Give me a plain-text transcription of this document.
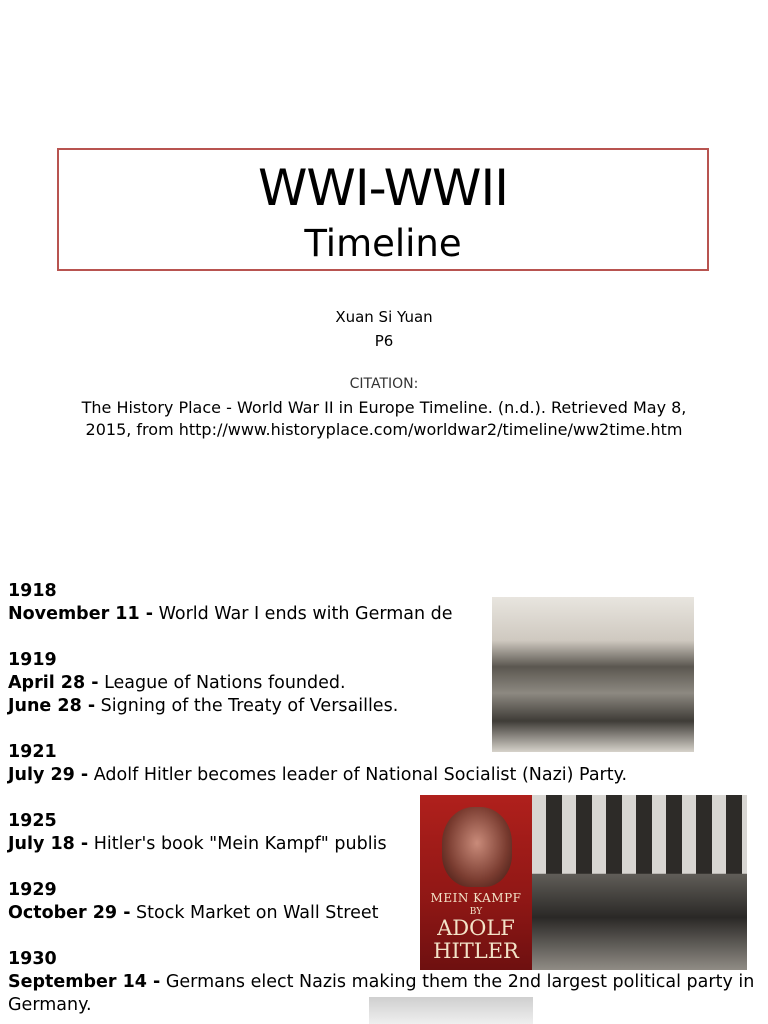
WWI-WWII
Timeline
Xuan Si Yuan
P6
CITATION:
The History Place - World War II in Europe Timeline. (n.d.). Retrieved May 8, 2015, from http://www.historyplace.com/worldwar2/timeline/ww2time.htm
1918
November 11 - World War I ends with German de
1919
April 28 - League of Nations founded.
June 28 - Signing of the Treaty of Versailles.
1921
July 29 - Adolf Hitler becomes leader of National Socialist (Nazi) Party.
1925
July 18 - Hitler's book "Mein Kampf" publis
1929
October 29 - Stock Market on Wall Street
1930
September 14 - Germans elect Nazis making them the 2nd largest political party in Germany.
MEIN KAMPF
BY
ADOLF HITLER
